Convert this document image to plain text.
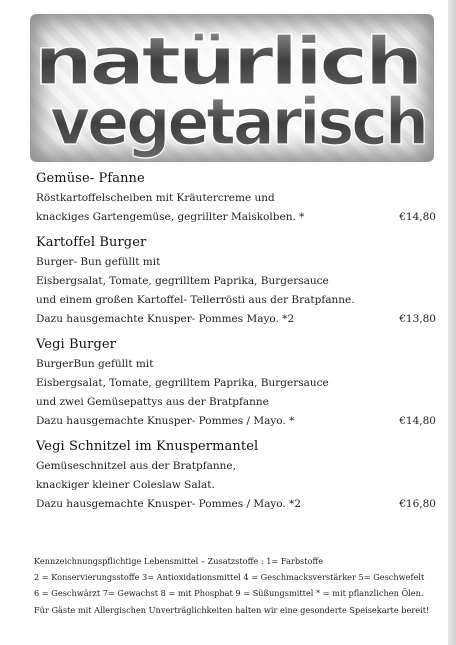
natürlich
vegetarisch
Gemüse- Pfanne
Röstkartoffelscheiben mit Kräutercreme und
knackiges Gartengemüse, gegrillter Maiskolben. *	€14,80
Kartoffel Burger
Burger- Bun gefüllt mit
Eisbergsalat, Tomate, gegrilltem Paprika, Burgersauce
und einem großen Kartoffel- Tellerrösti aus der Bratpfanne.
Dazu hausgemachte Knusper- Pommes Mayo. *2	€13,80
Vegi Burger
BurgerBun gefüllt mit
Eisbergsalat, Tomate, gegrilltem Paprika, Burgersauce
und zwei Gemüsepattys aus der Bratpfanne
Dazu hausgemachte Knusper- Pommes / Mayo. *	€14,80
Vegi Schnitzel im Knuspermantel
Gemüseschnitzel aus der Bratpfanne,
knackiger kleiner Coleslaw Salat.
Dazu hausgemachte Knusper- Pommes / Mayo. *2	€16,80
Kennzeichnungspflichtige Lebensmittel – Zusatzstoffe : 1= Farbstoffe
2 = Konservierungsstoffe 3= Antioxidationsmittel 4 = Geschmacksverstärker 5= Geschwefelt
6 = Geschwärzt 7= Gewachst 8 = mit Phosphat 9 = Süßungsmittel * = mit pflanzlichen Ölen.
Für Gäste mit Allergischen Unverträglichkeiten halten wir eine gesonderte Speisekarte bereit!
